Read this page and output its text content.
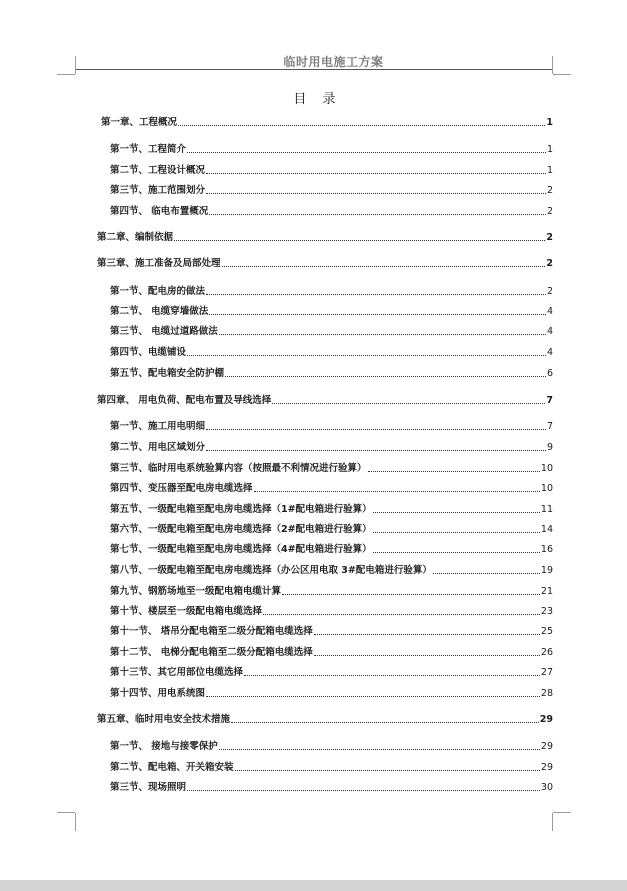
临时用电施工方案
目 录
第一章、工程概况	1
第一节、工程简介	1
第二节、工程设计概况	1
第三节、施工范围划分	2
第四节、 临电布置概况	2
第二章、编制依据	2
第三章、施工准备及局部处理	2
第一节、配电房的做法	2
第二节、 电缆穿墙做法	4
第三节、 电缆过道路做法	4
第四节、电缆铺设	4
第五节、配电箱安全防护棚	6
第四章、 用电负荷、配电布置及导线选择	7
第一节、施工用电明细	7
第二节、用电区域划分	9
第三节、临时用电系统验算内容（按照最不利情况进行验算）	10
第四节、变压器至配电房电缆选择	10
第五节、一级配电箱至配电房电缆选择（1#配电箱进行验算）	11
第六节、一级配电箱至配电房电缆选择（2#配电箱进行验算）	14
第七节、一级配电箱至配电房电缆选择（4#配电箱进行验算）	16
第八节、一级配电箱至配电房电缆选择（办公区用电取 3#配电箱进行验算）	19
第九节、钢筋场地至一级配电箱电缆计算	21
第十节、楼层至一级配电箱电缆选择	23
第十一节、 塔吊分配电箱至二级分配箱电缆选择	25
第十二节、 电梯分配电箱至二级分配箱电缆选择	26
第十三节、其它用部位电缆选择	27
第十四节、用电系统图	28
第五章、临时用电安全技术措施	29
第一节、 接地与接零保护	29
第二节、配电箱、开关箱安装	29
第三节、现场照明	30
